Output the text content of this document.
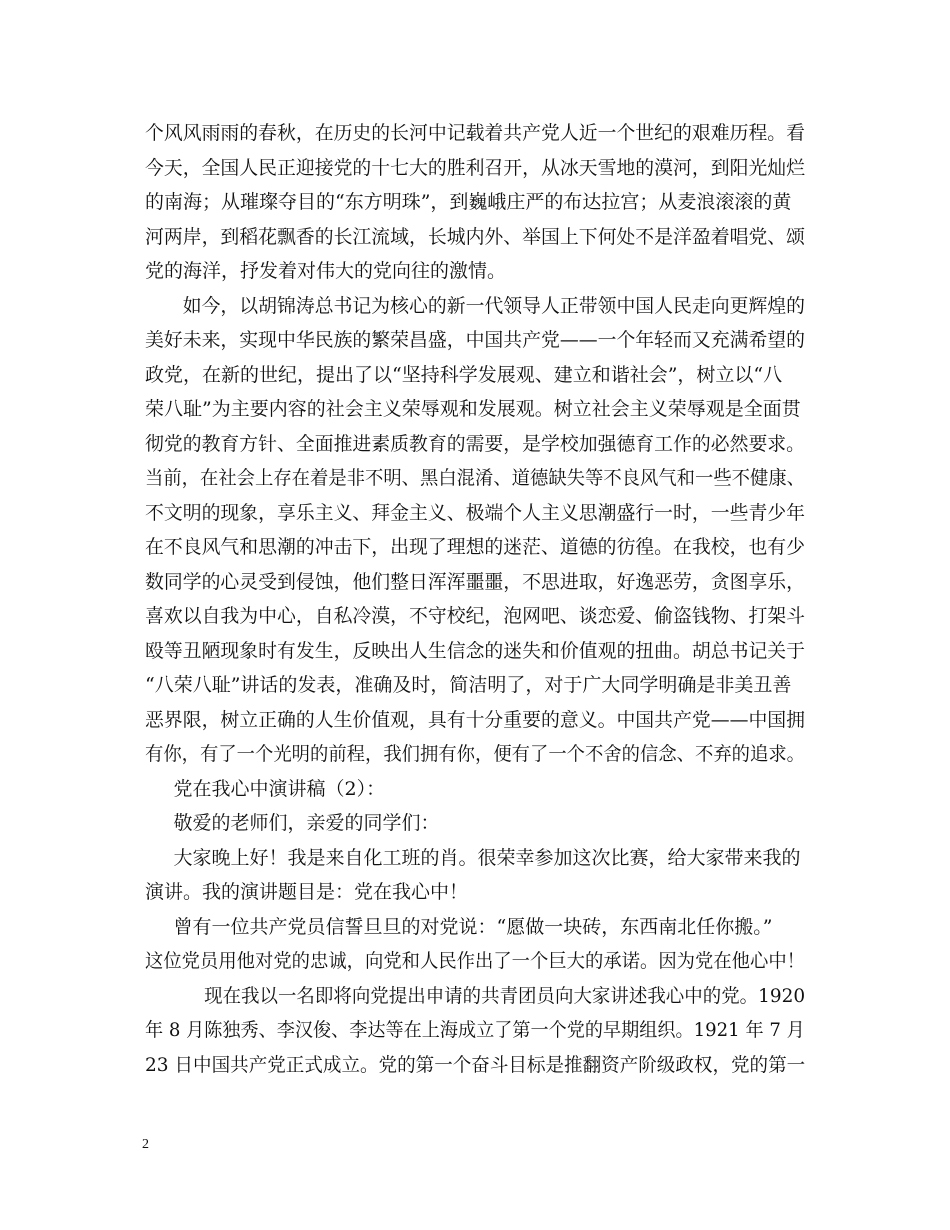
个风风雨雨的春秋，在历史的长河中记载着共产党人近一个世纪的艰难历程。看
今天，全国人民正迎接党的十七大的胜利召开，从冰天雪地的漠河，到阳光灿烂
的南海；从璀璨夺目的“东方明珠”，到巍峨庄严的布达拉宫；从麦浪滚滚的黄
河两岸，到稻花飘香的长江流域，长城内外、举国上下何处不是洋盈着唱党、颂
党的海洋，抒发着对伟大的党向往的激情。
如今，以胡锦涛总书记为核心的新一代领导人正带领中国人民走向更辉煌的
美好未来，实现中华民族的繁荣昌盛，中国共产党——一个年轻而又充满希望的
政党，在新的世纪，提出了以“坚持科学发展观、建立和谐社会”，树立以“八
荣八耻”为主要内容的社会主义荣辱观和发展观。树立社会主义荣辱观是全面贯
彻党的教育方针、全面推进素质教育的需要，是学校加强德育工作的必然要求。
当前，在社会上存在着是非不明、黑白混淆、道德缺失等不良风气和一些不健康、
不文明的现象，享乐主义、拜金主义、极端个人主义思潮盛行一时，一些青少年
在不良风气和思潮的冲击下，出现了理想的迷茫、道德的彷徨。在我校，也有少
数同学的心灵受到侵蚀，他们整日浑浑噩噩，不思进取，好逸恶劳，贪图享乐，
喜欢以自我为中心，自私冷漠，不守校纪，泡网吧、谈恋爱、偷盗钱物、打架斗
殴等丑陋现象时有发生，反映出人生信念的迷失和价值观的扭曲。胡总书记关于
“八荣八耻”讲话的发表，准确及时，简洁明了，对于广大同学明确是非美丑善
恶界限，树立正确的人生价值观，具有十分重要的意义。中国共产党——中国拥
有你，有了一个光明的前程，我们拥有你，便有了一个不舍的信念、不弃的追求。
党在我心中演讲稿（2）：
敬爱的老师们，亲爱的同学们：
大家晚上好！我是来自化工班的肖。很荣幸参加这次比赛，给大家带来我的
演讲。我的演讲题目是：党在我心中！
曾有一位共产党员信誓旦旦的对党说：“愿做一块砖，东西南北任你搬。”
这位党员用他对党的忠诚，向党和人民作出了一个巨大的承诺。因为党在他心中！
现在我以一名即将向党提出申请的共青团员向大家讲述我心中的党。1920
年 8 月陈独秀、李汉俊、李达等在上海成立了第一个党的早期组织。1921 年 7 月
23 日中国共产党正式成立。党的第一个奋斗目标是推翻资产阶级政权，党的第一
2
